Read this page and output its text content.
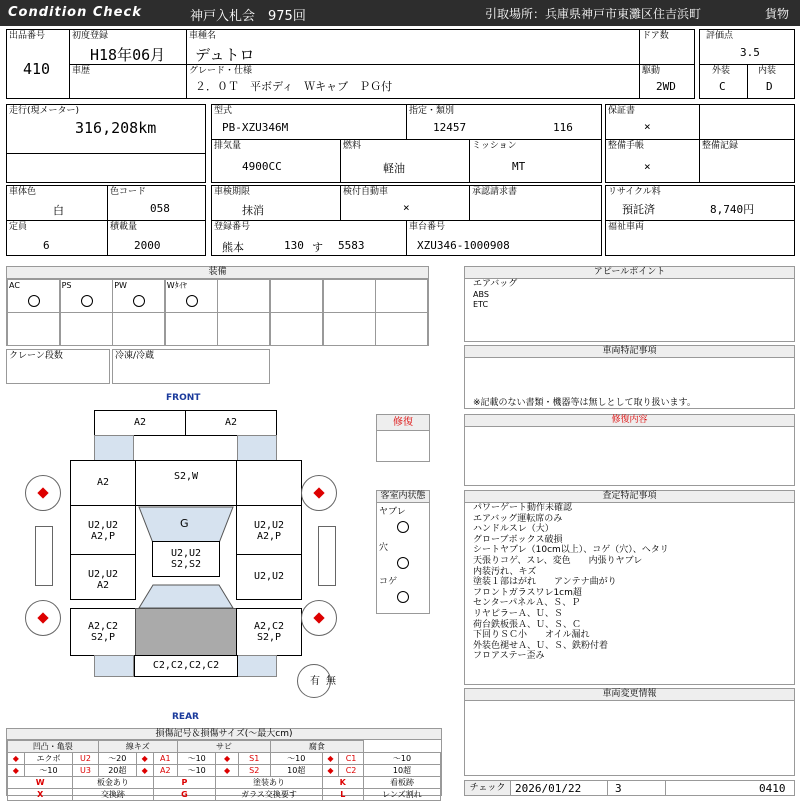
Condition Check	神戸入札会　975回	引取場所：兵庫県神戸市東灘区住吉浜町	貨物
出品番号
410
初度登録
H18年06月
車歴
車種名
デュトロ
グレード・仕様
２．０Ｔ　平ボディ　Ｗキャブ　ＰＧ付
ドア数
駆動
2WD
評価点
3.5
外装
C
内装
D
走行(現メーター)
316,208km
型式
PB-XZU346M
指定・類別
12457	116
排気量
4900CC
燃料
軽油
ミッション
MT
保証書
×
整備手帳
×
整備記録
車体色
白
色コード
058
定員
6
積載量
2000
車検期限
抹消
検付自動車
×
承認請求書
登録番号
熊本	130 す 5583
車台番号
XZU346-1000908
リサイクル料
預託済	8,740円
福祉車両
装備
AC	PS	PW	Wﾀｲﾔ
クレーン段数	冷凍/冷蔵
アピールポイント
エアバッグ
ABS
ETC
車両特記事項
※記載のない書類・機器等は無しとして取り扱います。
修復内容
査定特記事項
パワーゲート動作未確認
エアバッグ運転席のみ
ハンドルスレ（大）
グローブボックス破損
シートヤブレ（10cm以上）、コゲ（穴）、ヘタリ
天張りコゲ、スレ、変色　　内張りヤブレ
内装汚れ、キズ
塗装１部はがれ　　アンテナ曲がり
フロントガラスワレ1cm超
センターパネルＡ、Ｓ、Ｐ
リヤピラーＡ、Ｕ、Ｓ
荷台鉄板張Ａ、Ｕ、Ｓ、Ｃ
下回りＳＣ小　　オイル漏れ
外装色褪せＡ、Ｕ、Ｓ、鉄粉付着
フロアステー歪み
車両変更情報
チェック 2026/01/22	3	0410
修復
客室内状態
ヤブレ
穴
コゲ
FRONT
REAR
A2	A2
A2
S2,W
U2,U2
A2,P
U2,U2
A2,P
G
U2,U2
S2,S2
U2,U2
A2
U2,U2
A2,C2
S2,P
A2,C2
S2,P
C2,C2,C2,C2
有 無
損傷記号＆損傷サイズ(〜最大cm)
凹凸・亀裂			線キズ			サビ			腐食			
◆	エクボ	U2	〜20	◆	A1	〜10	◆	S1	〜10	◆	C1	〜10
◆	〜10	U3	20超	◆	A2	〜10	◆	S2	10超	◆	C2	10超
W		板金あり			P		塗装あり			K		看板跡
X		交換跡			G		ガラス交換要す			L		レンズ割れ
